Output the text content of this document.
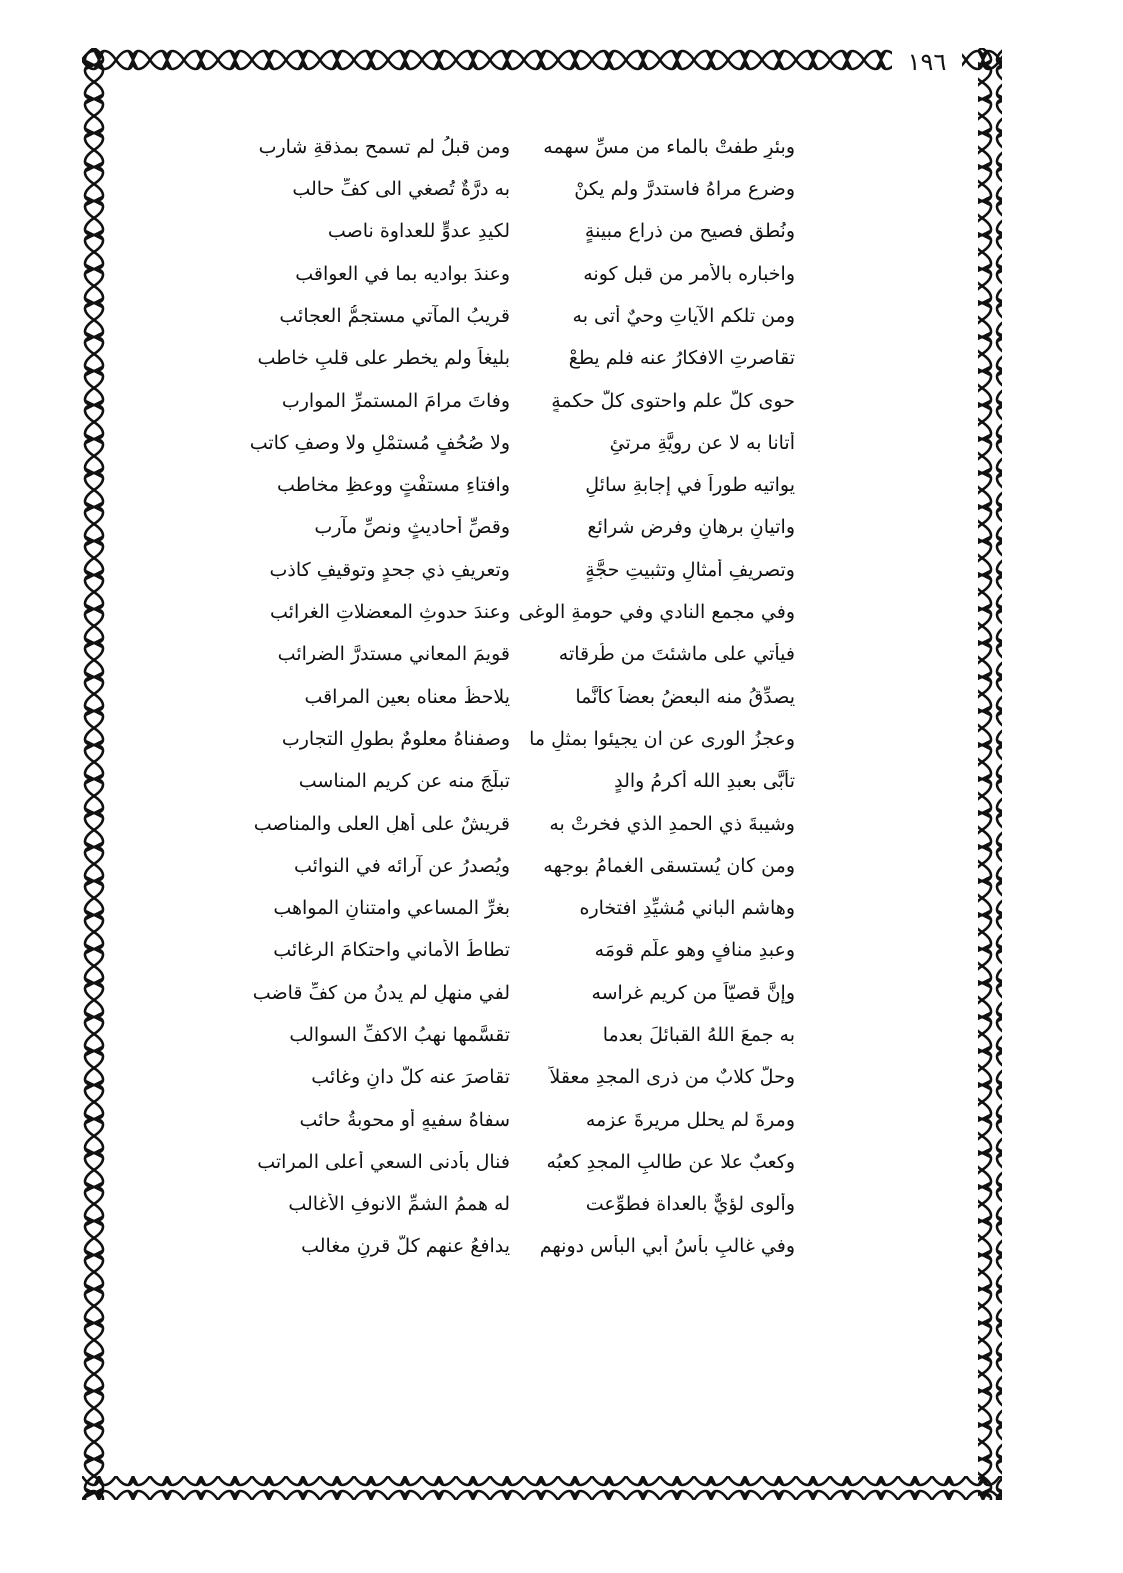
١٩٦
وبئرٍ طفتْ بالماء من مسِّ سهمه
ومن قبلُ لم تسمح بمذقةِ شارب
وضرعٍ مراهُ فاستدرَّ ولم يكنْ
به درَّةٌ تُصغي الى كفِّ حالب
ونُطقِ فصيحٍ من ذراعٍ مبينةٍ
لكيدِ عدوٍّ للعداوة ناصب
واخباره بالأمر من قبل كونه
وعندَ بواديه بما في العواقب
ومن تلكم الآياتِ وحيٌ أتى به
قريبُ المآتي مستجمُّ العجائب
تقاصرتِ الافكارُ عنه فلم يطعْ
بليغاً ولم يخطر على قلبِ خاطب
حوى كلَّ علمٍ واحتوى كلَّ حكمةٍ
وفاتَ مرامَ المستمرِّ الموارب
أتانا به لا عن رويَّةِ مرتئٍ
ولا صُحُفٍ مُستمْلٍ ولا وصفِ كاتب
يواتيه طوراً في إجابةِ سائلٍ
وافتاءِ مستفْتٍ ووعظِ مخاطب
واتيانِ برهانٍ وفرضِ شرائعٍ
وقصِّ أحاديثٍ ونصِّ مآرب
وتصريفِ أمثالٍ وتثبيتِ حجَّةٍ
وتعريفِ ذي جحدٍ وتوقيفِ كاذب
وفي مجمعِ النادي وفي حومةِ الوغى
وعندَ حدوثِ المعضلاتِ الغرائب
فيأتي على ماشئتَ من طُرقاته
قويمَ المعاني مستدرَّ الضرائب
يصدِّقُ منه البعضُ بعضاً كأنَّما
يلاحظُ معناه بعينِ المراقب
وعجزُ الورى عن ان يجيئوا بمثلِ ما
وصفناهُ معلومٌ بطولِ التجارب
تأبَّى بعبدِ الله أكرمُ والدٍ
تبلَّجَ منه عن كريمِ المناسب
وشيبةَ ذي الحمدِ الذي فخرتْ به
قريشٌ على أهلِ العلى والمناصب
ومن كان يُستسقى الغمامُ بوجهه
ويُصدرُ عن آرائه في النوائب
وهاشمٍ الباني مُشيِّدِ افتخاره
بغرِّ المساعي وامتنانِ المواهب
وعبدِ منافٍ وهو علَّم قومَه
تطاطُ الأماني واحتكامَ الرغائب
وإنَّ قصيّاً من كريمٍ غراسه
لفي منهلٍ لم يدنُ من كفِّ قاضب
به جمعَ اللهُ القبائلَ بعدما
تقسَّمها نهبُ الاكفِّ السوالب
وحلَّ كلابٌ من ذرى المجدِ معقلاً
تقاصرَ عنه كلُّ دانٍ وغائب
ومرةَ لم يحلل مريرةَ عزمه
سفاهُ سفيهٍ أو محوبةُ حائب
وكعبٌ علا عن طالبِ المجدِ كعبُه
فنال بأدنى السعي أعلى المراتب
وألوى لؤيٌّ بالعداة فطوِّعت
له هممُ الشمِّ الانوفِ الأغالب
وفي غالبٍ بأسُ أبي البأسِ دونهم
يدافعُ عنهم كلَّ قرنٍ مغالب
